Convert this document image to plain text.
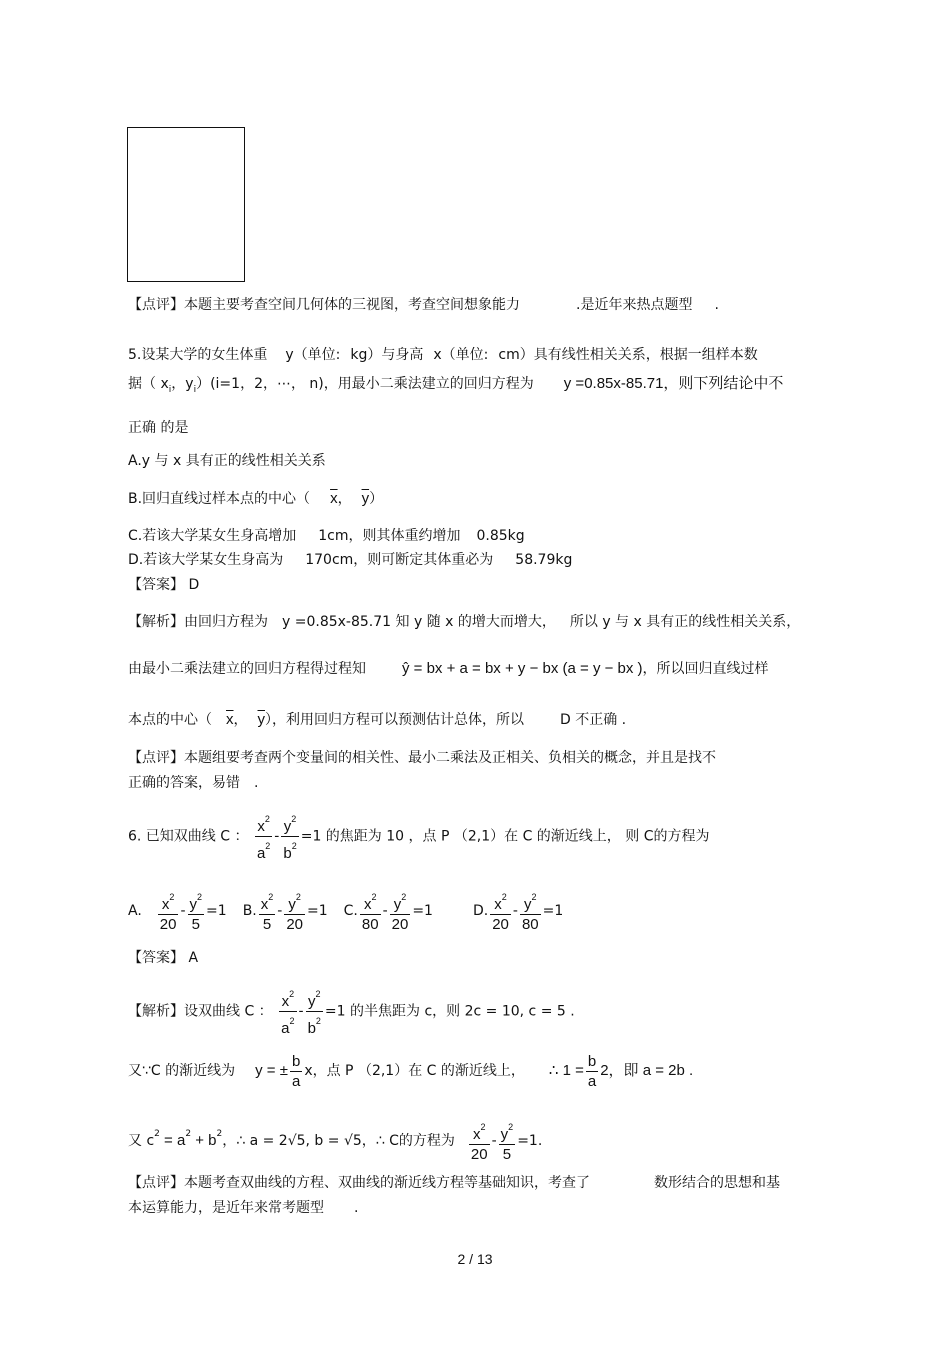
【点评】本题主要考查空间几何体的三视图，考查空间想象能力	.是近年来热点题型 .
5.设某大学的女生体重 y（单位: kg）与身高 x（单位: cm）具有线性相关关系，根据一组样本数
据（ $x_i$，$y_i)(i=1$，2，⋯， n)，用最小二乘法建立的回归方程为 y =0.85x-85.71，则下列结论中不
正确 的是
A.y 与 x 具有正的线性相关关系
B.回归直线过样本点的中心（ $\overline{x}$， $\overline{y}$）
C.若该大学某女生身高增加 1cm，则其体重约增加 0.85kg
D.若该大学某女生身高为 170cm，则可断定其体重必为 58.79kg
【答案】 D
【解析】由回归方程为 y =0.85x-85.71 知 y 随 x 的增大而增大， 所以 y 与 x 具有正的线性相关关系，
由最小二乘法建立的回归方程得过程知 ŷ = bx + a = bx + y − bx (a = y − bx )，所以回归直线过样
本点的中心（ $\overline{x}$， $\overline{y}$），利用回归方程可以预测估计总体，所以	D 不正确 .
【点评】本题组要考查两个变量间的相关性、最小二乘法及正相关、负相关的概念，并且是找不
正确的答案，易错 .
6. 已知双曲线 C ： $\frac{x^2}{a^2} - \frac{y^2}{b^2} =1$ 的焦距为 10 ，点 P （2,1）在 C 的渐近线上， 则 C的方程为
A. $\frac{x^2}{20} - \frac{y^2}{5} =1$ B. $\frac{x^2}{5} - \frac{y^2}{20} =1$ C. $\frac{x^2}{80} - \frac{y^2}{20} =1$	D. $\frac{x^2}{20} - \frac{y^2}{80} =1$
【答案】 A
【解析】设双曲线 C ： $\frac{x^2}{a^2} - \frac{y^2}{b^2} =1$ 的半焦距为 c，则 2c = 10, c = 5 .
又∵C 的渐近线为 y = ± $\frac{b}{a}$ x，点 P （2,1）在 C 的渐近线上， ∴ $1 = \frac{b}{a} 2$，即 a = 2b .
又 $c^2 = a^2 + b^2$，∴ a = 2√5, b = √5，∴ C的方程为 $\frac{x^2}{20} - \frac{y^2}{5} =1$.
【点评】本题考查双曲线的方程、双曲线的渐近线方程等基础知识，考查了	数形结合的思想和基
本运算能力，是近年来常考题型 .
2 / 13
